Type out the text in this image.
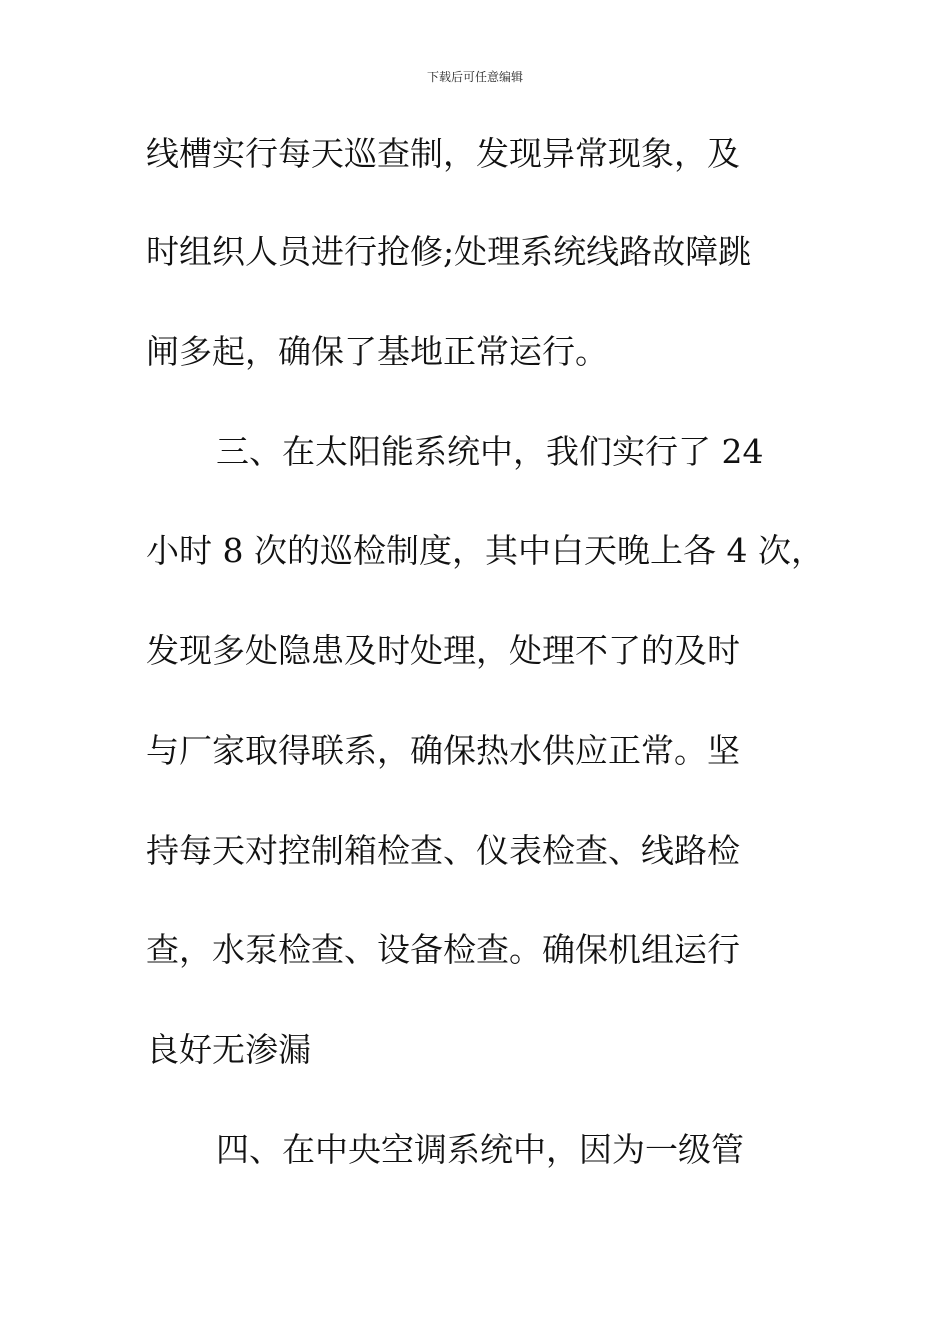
下载后可任意编辑
线槽实行每天巡查制，发现异常现象，及
时组织人员进行抢修;处理系统线路故障跳
闸多起，确保了基地正常运行。
三、在太阳能系统中，我们实行了 24
小时 8 次的巡检制度，其中白天晚上各 4 次，
发现多处隐患及时处理，处理不了的及时
与厂家取得联系，确保热水供应正常。坚
持每天对控制箱检查、仪表检查、线路检
查，水泵检查、设备检查。确保机组运行
良好无渗漏
四、在中央空调系统中，因为一级管
